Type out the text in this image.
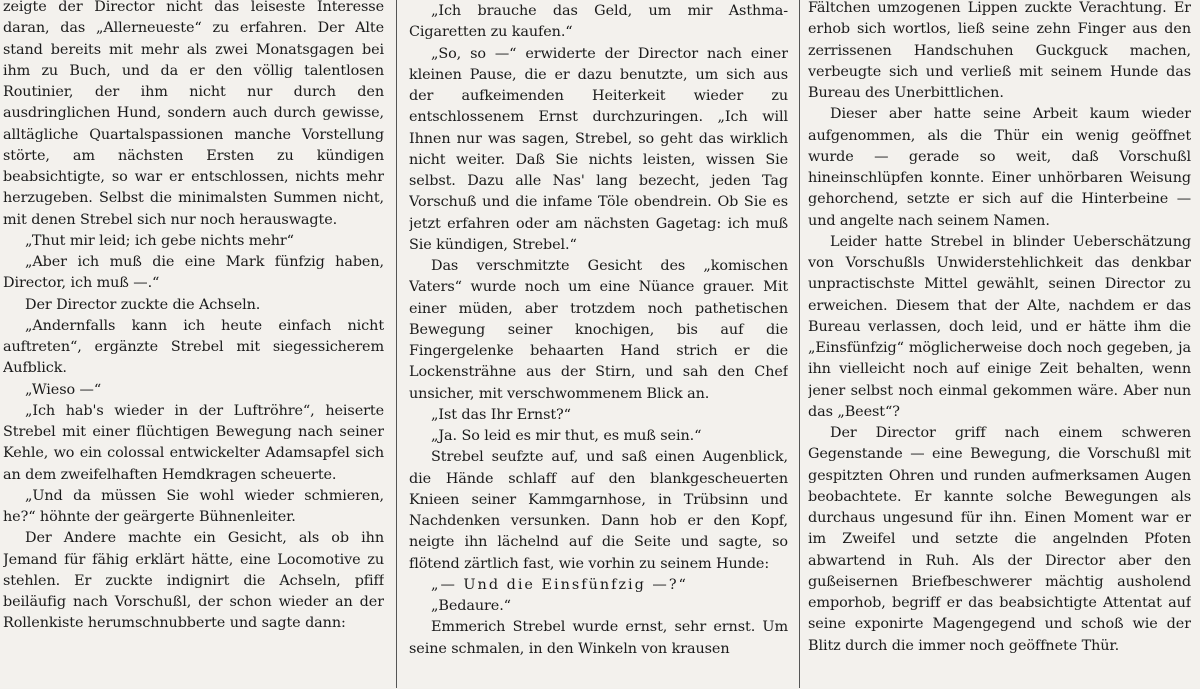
zeigte der Director nicht das leiseste Interesse daran, das „Allerneueste“ zu erfahren. Der Alte stand bereits mit mehr als zwei Monatsgagen bei ihm zu Buch, und da er den völlig talentlosen Routinier, der ihm nicht nur durch den ausdringlichen Hund, sondern auch durch gewisse, alltägliche Quartalspassionen manche Vorstellung störte, am nächsten Ersten zu kündigen beabsichtigte, so war er entschlossen, nichts mehr herzugeben. Selbst die minimalsten Summen nicht, mit denen Strebel sich nur noch herauswagte.

„Thut mir leid; ich gebe nichts mehr“

„Aber ich muß die eine Mark fünfzig haben, Director, ich muß —.“

Der Director zuckte die Achseln.

„Andernfalls kann ich heute einfach nicht auftreten“, ergänzte Strebel mit siegessicherem Aufblick.

„Wieso —“

„Ich hab's wieder in der Luftröhre“, heiserte Strebel mit einer flüchtigen Bewegung nach seiner Kehle, wo ein colossal entwickelter Adamsapfel sich an dem zweifelhaften Hemdkragen scheuerte.

„Und da müssen Sie wohl wieder schmieren, he?“ höhnte der geärgerte Bühnenleiter.

Der Andere machte ein Gesicht, als ob ihn Jemand für fähig erklärt hätte, eine Locomotive zu stehlen. Er zuckte indignirt die Achseln, pfiff beiläufig nach Vorschußl, der schon wieder an der Rollenkiste herumschnubberte und sagte dann:

„Ich brauche das Geld, um mir Asthma-Cigaretten zu kaufen.“

„So, so —“ erwiderte der Director nach einer kleinen Pause, die er dazu benutzte, um sich aus der aufkeimenden Heiterkeit wieder zu entschlossenem Ernst durchzuringen. „Ich will Ihnen nur was sagen, Strebel, so geht das wirklich nicht weiter. Daß Sie nichts leisten, wissen Sie selbst. Dazu alle Nas' lang bezecht, jeden Tag Vorschuß und die infame Töle obendrein. Ob Sie es jetzt erfahren oder am nächsten Gagetag: ich muß Sie kündigen, Strebel.“

Das verschmitzte Gesicht des „komischen Vaters“ wurde noch um eine Nüance grauer. Mit einer müden, aber trotzdem noch pathetischen Bewegung seiner knochigen, bis auf die Fingergelenke behaarten Hand strich er die Lockensträhne aus der Stirn, und sah den Chef unsicher, mit verschwommenem Blick an.

„Ist das Ihr Ernst?“

„Ja. So leid es mir thut, es muß sein.“

Strebel seufzte auf, und saß einen Augenblick, die Hände schlaff auf den blankgescheuerten Knieen seiner Kammgarnhose, in Trübsinn und Nachdenken versunken. Dann hob er den Kopf, neigte ihn lächelnd auf die Seite und sagte, so flötend zärtlich fast, wie vorhin zu seinem Hunde:

„— Und die Einsfünfzig —?“

„Bedaure.“

Emmerich Strebel wurde ernst, sehr ernst. Um seine schmalen, in den Winkeln von krausen

Fältchen umzogenen Lippen zuckte Verachtung. Er erhob sich wortlos, ließ seine zehn Finger aus den zerrissenen Handschuhen Guckguck machen, verbeugte sich und verließ mit seinem Hunde das Bureau des Unerbittlichen.

Dieser aber hatte seine Arbeit kaum wieder aufgenommen, als die Thür ein wenig geöffnet wurde — gerade so weit, daß Vorschußl hineinschlüpfen konnte. Einer unhörbaren Weisung gehorchend, setzte er sich auf die Hinterbeine — und angelte nach seinem Namen.

Leider hatte Strebel in blinder Ueberschätzung von Vorschußls Unwiderstehlichkeit das denkbar unpractischste Mittel gewählt, seinen Director zu erweichen. Diesem that der Alte, nachdem er das Bureau verlassen, doch leid, und er hätte ihm die „Einsfünfzig“ möglicherweise doch noch gegeben, ja ihn vielleicht noch auf einige Zeit behalten, wenn jener selbst noch einmal gekommen wäre. Aber nun das „Beest“?

Der Director griff nach einem schweren Gegenstande — eine Bewegung, die Vorschußl mit gespitzten Ohren und runden aufmerksamen Augen beobachtete. Er kannte solche Bewegungen als durchaus ungesund für ihn. Einen Moment war er im Zweifel und setzte die angelnden Pfoten abwartend in Ruh. Als der Director aber den gußeisernen Briefbeschwerer mächtig ausholend emporhob, begriff er das beabsichtigte Attentat auf seine exponirte Magengegend und schoß wie der Blitz durch die immer noch geöffnete Thür.
